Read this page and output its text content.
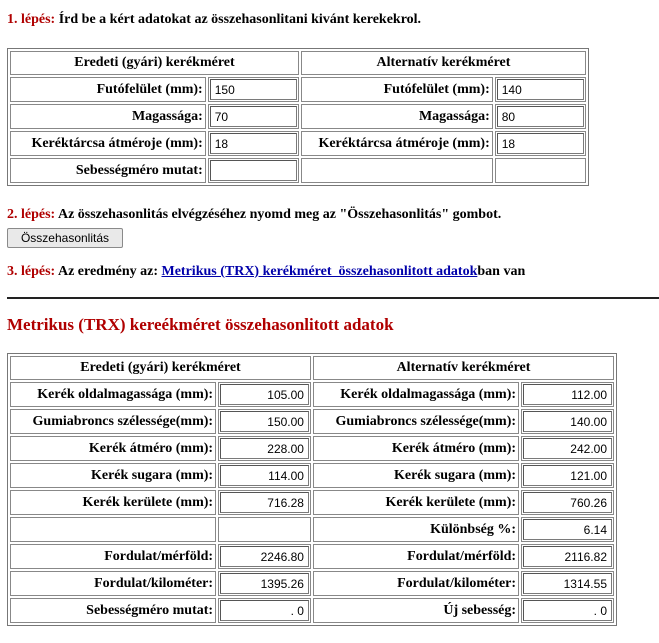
1. lépés: Írd be a kért adatokat az összehasonlitani kivánt kerekekrol.
Eredeti (gyári) kerékméret		Alternatív kerékméret	
Futófelület (mm):	150	Futófelület (mm):	140

Magassága:	70	Magassága:	80

Keréktárcsa átméroje (mm):	18	Keréktárcsa átméroje (mm):	18

Sebességméro mutat:	

2. lépés: Az összehasonlitás elvégzéséhez nyomd meg az "Összehasonlitás" gombot.
Összehasonlitás
3. lépés: Az eredmény az: Metrikus (TRX) kerékméret  összehasonlitott adatokban van
Metrikus (TRX) kereékméret összehasonlitott adatok
Eredeti (gyári) kerékméret		Alternatív kerékméret	
Kerék oldalmagassága (mm):	105.00	Kerék oldalmagassága (mm):	112.00

Gumiabroncs szélessége(mm):	150.00	Gumiabroncs szélessége(mm):	140.00

Kerék átméro (mm):	228.00	Kerék átméro (mm):	242.00

Kerék sugara (mm):	114.00	Kerék sugara (mm):	121.00

Kerék kerülete (mm):	716.28	Kerék kerülete (mm):	760.26

		Különbség %:	6.14

Fordulat/mérföld:	2246.80	Fordulat/mérföld:	2116.82

Fordulat/kilométer:	1395.26	Fordulat/kilométer:	1314.55

Sebességméro mutat:	. 0	Új sebesség:	. 0
